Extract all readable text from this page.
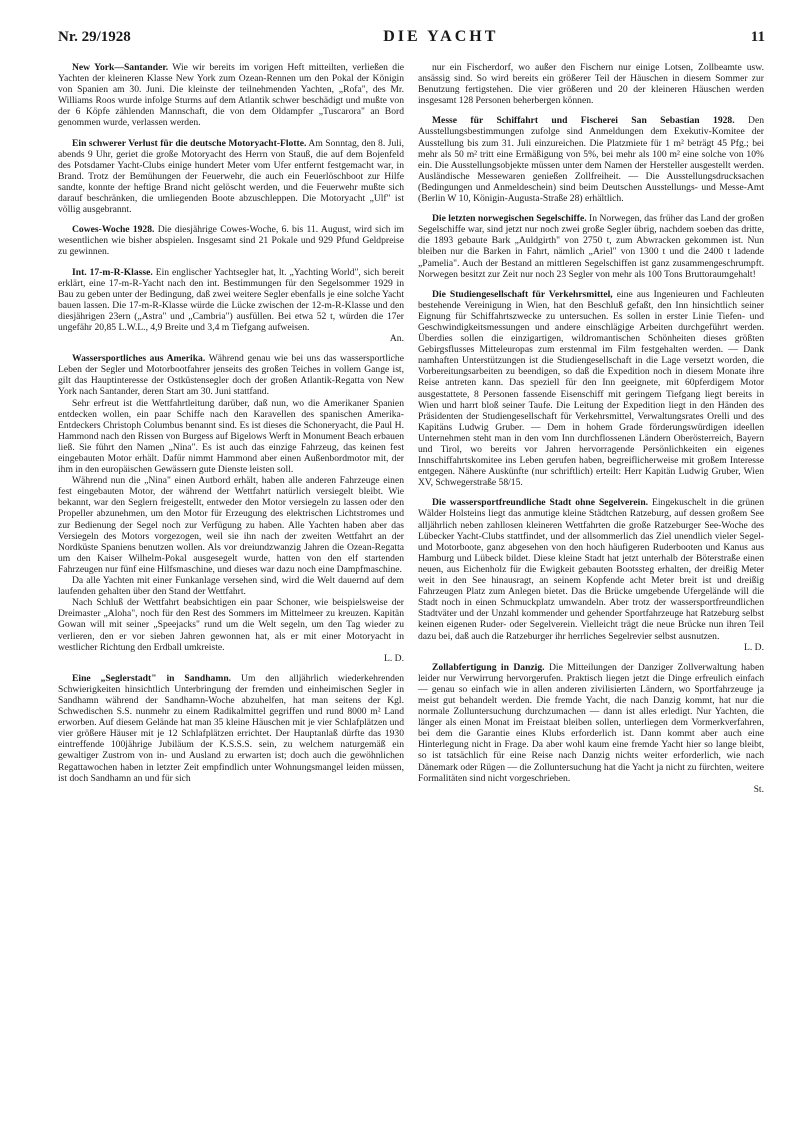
Nr. 29/1928	DIE YACHT	11

New York—Santander. Wie wir bereits im vorigen Heft mitteilten, verließen die Yachten der kleineren Klasse New York zum Ozean-Rennen um den Pokal der Königin von Spanien am 30. Juni. Die kleinste der teilnehmenden Yachten, „Rofa", des Mr. Williams Roos wurde infolge Sturms auf dem Atlantik schwer beschädigt und mußte von der 6 Köpfe zählenden Mannschaft, die von dem Oldampfer „Tuscarora" an Bord genommen wurde, verlassen werden.

Ein schwerer Verlust für die deutsche Motoryacht-Flotte. Am Sonntag, den 8. Juli, abends 9 Uhr, geriet die große Motoryacht des Herrn von Stauß, die auf dem Bojenfeld des Potsdamer Yacht-Clubs einige hundert Meter vom Ufer entfernt festgemacht war, in Brand. Trotz der Bemühungen der Feuerwehr, die auch ein Feuerlöschboot zur Hilfe sandte, konnte der heftige Brand nicht gelöscht werden, und die Feuerwehr mußte sich darauf beschränken, die umliegenden Boote abzuschleppen. Die Motoryacht „Ulf" ist völlig ausgebrannt.

Cowes-Woche 1928. Die diesjährige Cowes-Woche, 6. bis 11. August, wird sich im wesentlichen wie bisher abspielen. Insgesamt sind 21 Pokale und 929 Pfund Geldpreise zu gewinnen.

Int. 17-m-R-Klasse. Ein englischer Yachtsegler hat, lt. „Yachting World", sich bereit erklärt, eine 17-m-R-Yacht nach den int. Bestimmungen für den Segelsommer 1929 in Bau zu geben unter der Bedingung, daß zwei weitere Segler ebenfalls je eine solche Yacht bauen lassen. Die 17-m-R-Klasse würde die Lücke zwischen der 12-m-R-Klasse und den diesjährigen 23ern („Astra" und „Cambria") ausfüllen. Bei etwa 52 t, würden die 17er ungefähr 20,85 L.W.L., 4,9 Breite und 3,4 m Tiefgang aufweisen.

An.

Wassersportliches aus Amerika. Während genau wie bei uns das wassersportliche Leben der Segler und Motorbootfahrer jenseits des großen Teiches in vollem Gange ist, gilt das Hauptinteresse der Ostküstensegler doch der großen Atlantik-Regatta von New York nach Santander, deren Start am 30. Juni stattfand.

Sehr erfreut ist die Wettfahrtleitung darüber, daß nun, wo die Amerikaner Spanien entdecken wollen, ein paar Schiffe nach den Karavellen des spanischen Amerika-Entdeckers Christoph Columbus benannt sind. Es ist dieses die Schoneryacht, die Paul H. Hammond nach den Rissen von Burgess auf Bigelows Werft in Monument Beach erbauen ließ. Sie führt den Namen „Nina". Es ist auch das einzige Fahrzeug, das keinen fest eingebauten Motor erhält. Dafür nimmt Hammond aber einen Außenbordmotor mit, der ihm in den europäischen Gewässern gute Dienste leisten soll.

Während nun die „Nina" einen Autbord erhält, haben alle anderen Fahrzeuge einen fest eingebauten Motor, der während der Wettfahrt natürlich versiegelt bleibt. Wie bekannt, war den Seglern freigestellt, entweder den Motor versiegeln zu lassen oder den Propeller abzunehmen, um den Motor für Erzeugung des elektrischen Lichtstromes und zur Bedienung der Segel noch zur Verfügung zu haben. Alle Yachten haben aber das Versiegeln des Motors vorgezogen, weil sie ihn nach der zweiten Wettfahrt an der Nordküste Spaniens benutzen wollen. Als vor dreiundzwanzig Jahren die Ozean-Regatta um den Kaiser Wilhelm-Pokal ausgesegelt wurde, hatten von den elf startenden Fahrzeugen nur fünf eine Hilfsmaschine, und dieses war dazu noch eine Dampfmaschine.

Da alle Yachten mit einer Funkanlage versehen sind, wird die Welt dauernd auf dem laufenden gehalten über den Stand der Wettfahrt.

Nach Schluß der Wettfahrt beabsichtigen ein paar Schoner, wie beispielsweise der Dreimaster „Aloha", noch für den Rest des Sommers im Mittelmeer zu kreuzen. Kapitän Gowan will mit seiner „Speejacks" rund um die Welt segeln, um den Tag wieder zu verlieren, den er vor sieben Jahren gewonnen hat, als er mit einer Motoryacht in westlicher Richtung den Erdball umkreiste.

L. D.

Eine „Seglerstadt" in Sandhamn. Um den alljährlich wiederkehrenden Schwierigkeiten hinsichtlich Unterbringung der fremden und einheimischen Segler in Sandhamn während der Sandhamn-Woche abzuhelfen, hat man seitens der Kgl. Schwedischen S.S. nunmehr zu einem Radikalmittel gegriffen und rund 8000 m² Land erworben. Auf diesem Gelände hat man 35 kleine Häuschen mit je vier Schlafplätzen und vier größere Häuser mit je 12 Schlafplätzen errichtet. Der Hauptanlaß dürfte das 1930 eintreffende 100jährige Jubiläum der K.S.S.S. sein, zu welchem naturgemäß ein gewaltiger Zustrom von in- und Ausland zu erwarten ist; doch auch die gewöhnlichen Regattawochen haben in letzter Zeit empfindlich unter Wohnungsmangel leiden müssen, ist doch Sandhamn an und für sich

nur ein Fischerdorf, wo außer den Fischern nur einige Lotsen, Zollbeamte usw. ansässig sind. So wird bereits ein größerer Teil der Häuschen in diesem Sommer zur Benutzung fertigstehen. Die vier größeren und 20 der kleineren Häuschen werden insgesamt 128 Personen beherbergen können.

Messe für Schiffahrt und Fischerei San Sebastian 1928. Den Ausstellungsbestimmungen zufolge sind Anmeldungen dem Exekutiv-Komitee der Ausstellung bis zum 31. Juli einzureichen. Die Platzmiete für 1 m² beträgt 45 Pfg.; bei mehr als 50 m² tritt eine Ermäßigung von 5%, bei mehr als 100 m² eine solche von 10% ein. Die Ausstellungsobjekte müssen unter dem Namen der Hersteller ausgestellt werden. Ausländische Messewaren genießen Zollfreiheit. — Die Ausstellungsdrucksachen (Bedingungen und Anmeldeschein) sind beim Deutschen Ausstellungs- und Messe-Amt (Berlin W 10, Königin-Augusta-Straße 28) erhältlich.

Die letzten norwegischen Segelschiffe. In Norwegen, das früher das Land der großen Segelschiffe war, sind jetzt nur noch zwei große Segler übrig, nachdem soeben das dritte, die 1893 gebaute Bark „Auldgirth" von 2750 t, zum Abwracken gekommen ist. Nun bleiben nur die Barken in Fahrt, nämlich „Ariel" von 1300 t und die 2400 t ladende „Pamelia". Auch der Bestand an mittleren Segelschiffen ist ganz zusammengeschrumpft. Norwegen besitzt zur Zeit nur noch 23 Segler von mehr als 100 Tons Bruttoraumgehalt!

Die Studiengesellschaft für Verkehrsmittel, eine aus Ingenieuren und Fachleuten bestehende Vereinigung in Wien, hat den Beschluß gefaßt, den Inn hinsichtlich seiner Eignung für Schiffahrtszwecke zu untersuchen. Es sollen in erster Linie Tiefen- und Geschwindigkeitsmessungen und andere einschlägige Arbeiten durchgeführt werden. Überdies sollen die einzigartigen, wildromantischen Schönheiten dieses größten Gebirgsflusses Mitteleuropas zum erstenmal im Film festgehalten werden. — Dank namhaften Unterstützungen ist die Studiengesellschaft in die Lage versetzt worden, die Vorbereitungsarbeiten zu beendigen, so daß die Expedition noch in diesem Monate ihre Reise antreten kann. Das speziell für den Inn geeignete, mit 60pferdigem Motor ausgestattete, 8 Personen fassende Eisenschiff mit geringem Tiefgang liegt bereits in Wien und harrt bloß seiner Taufe. Die Leitung der Expedition liegt in den Händen des Präsidenten der Studiengesellschaft für Verkehrsmittel, Verwaltungsrates Orelli und des Kapitäns Ludwig Gruber. — Dem in hohem Grade förderungswürdigen ideellen Unternehmen steht man in den vom Inn durchflossenen Ländern Oberösterreich, Bayern und Tirol, wo bereits vor Jahren hervorragende Persönlichkeiten ein eigenes Innschiffahrtskomitee ins Leben gerufen haben, begreiflicherweise mit großem Interesse entgegen. Nähere Auskünfte (nur schriftlich) erteilt: Herr Kapitän Ludwig Gruber, Wien XV, Schwegerstraße 58/15.

Die wassersportfreundliche Stadt ohne Segelverein. Eingekuschelt in die grünen Wälder Holsteins liegt das anmutige kleine Städtchen Ratzeburg, auf dessen großem See alljährlich neben zahllosen kleineren Wettfahrten die große Ratzeburger See-Woche des Lübecker Yacht-Clubs stattfindet, und der allsommerlich das Ziel unendlich vieler Segel- und Motorboote, ganz abgesehen von den hoch häufigeren Ruderbooten und Kanus aus Hamburg und Lübeck bildet. Diese kleine Stadt hat jetzt unterhalb der Böterstraße einen neuen, aus Eichenholz für die Ewigkeit gebauten Bootssteg erhalten, der dreißig Meter weit in den See hinausragt, an seinem Kopfende acht Meter breit ist und dreißig Fahrzeugen Platz zum Anlegen bietet. Das die Brücke umgebende Ufergelände will die Stadt noch in einen Schmuckplatz umwandeln. Aber trotz der wassersportfreundlichen Stadtväter und der Unzahl kommender und gehender Sportfahrzeuge hat Ratzeburg selbst keinen eigenen Ruder- oder Segelverein. Vielleicht trägt die neue Brücke nun ihren Teil dazu bei, daß auch die Ratzeburger ihr herrliches Segelrevier selbst ausnutzen.

L. D.

Zollabfertigung in Danzig. Die Mitteilungen der Danziger Zollverwaltung haben leider nur Verwirrung hervorgerufen. Praktisch liegen jetzt die Dinge erfreulich einfach — genau so einfach wie in allen anderen zivilisierten Ländern, wo Sportfahrzeuge ja meist gut behandelt werden. Die fremde Yacht, die nach Danzig kommt, hat nur die normale Zolluntersuchung durchzumachen — dann ist alles erledigt. Nur Yachten, die länger als einen Monat im Freistaat bleiben sollen, unterliegen dem Vormerkverfahren, bei dem die Garantie eines Klubs erforderlich ist. Dann kommt aber auch eine Hinterlegung nicht in Frage. Da aber wohl kaum eine fremde Yacht hier so lange bleibt, so ist tatsächlich für eine Reise nach Danzig nichts weiter erforderlich, wie nach Dänemark oder Rügen — die Zolluntersuchung hat die Yacht ja nicht zu fürchten, weitere Formalitäten sind nicht vorgeschrieben.

St.
